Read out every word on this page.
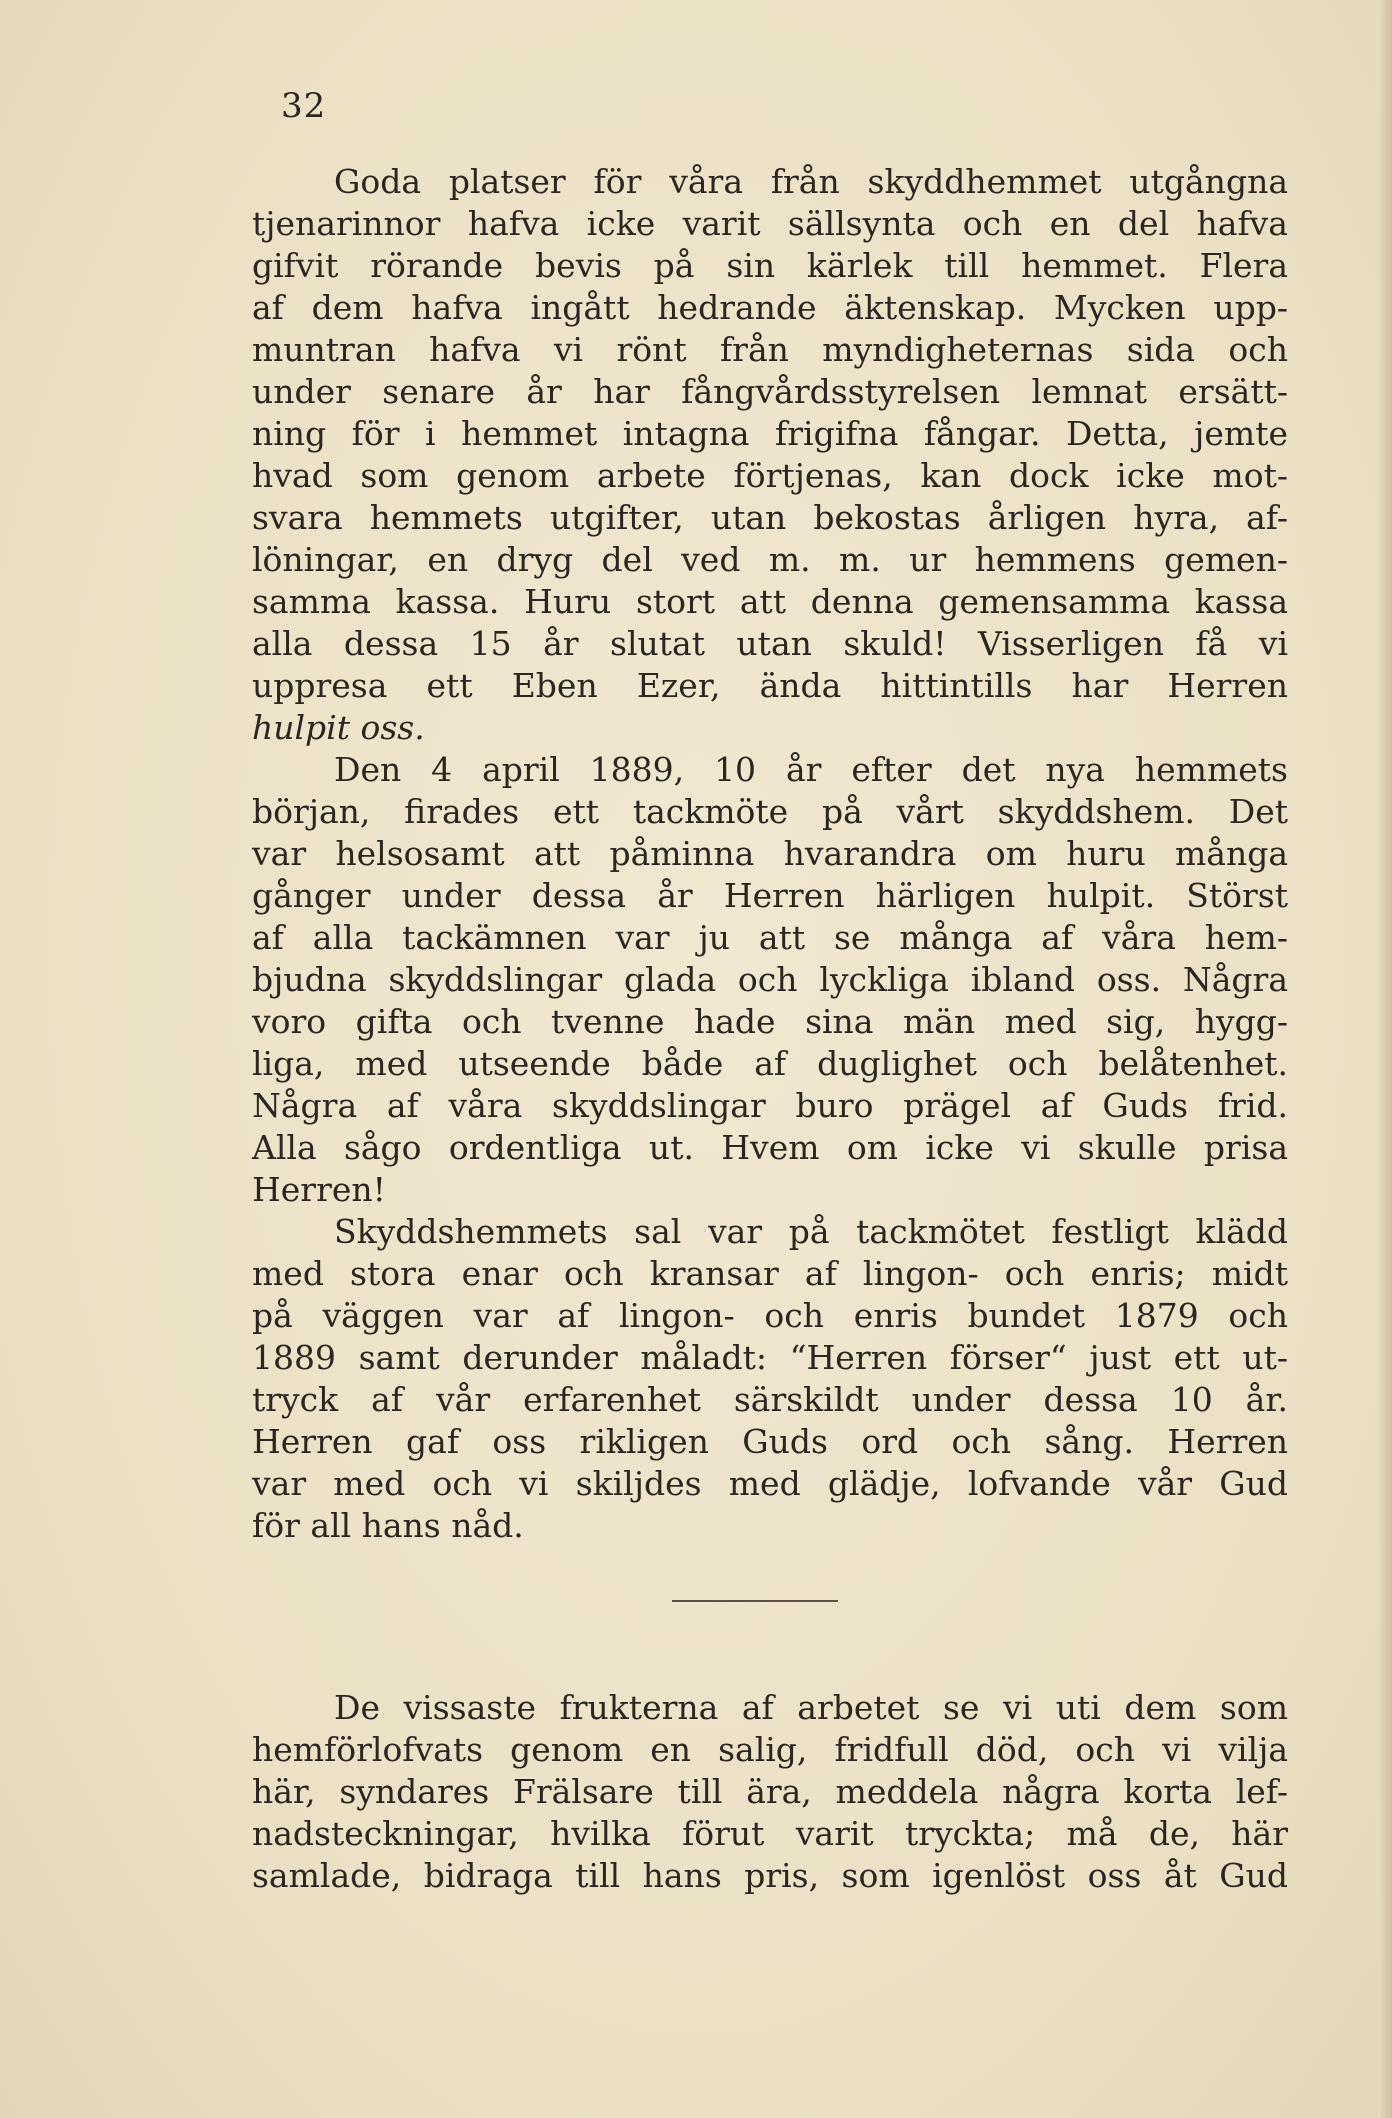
32
Goda platser för våra från skyddhemmet utgångna
tjenarinnor hafva icke varit sällsynta och en del hafva
gifvit rörande bevis på sin kärlek till hemmet. Flera
af dem hafva ingått hedrande äktenskap. Mycken upp-
muntran hafva vi rönt från myndigheternas sida och
under senare år har fångvårdsstyrelsen lemnat ersätt-
ning för i hemmet intagna frigifna fångar. Detta, jemte
hvad som genom arbete förtjenas, kan dock icke mot-
svara hemmets utgifter, utan bekostas årligen hyra, af-
löningar, en dryg del ved m. m. ur hemmens gemen-
samma kassa. Huru stort att denna gemensamma kassa
alla dessa 15 år slutat utan skuld! Visserligen få vi
uppresa ett Eben Ezer, ända hittintills har Herren
hulpit oss.
Den 4 april 1889, 10 år efter det nya hemmets
början, firades ett tackmöte på vårt skyddshem. Det
var helsosamt att påminna hvarandra om huru många
gånger under dessa år Herren härligen hulpit. Störst
af alla tackämnen var ju att se många af våra hem-
bjudna skyddslingar glada och lyckliga ibland oss. Några
voro gifta och tvenne hade sina män med sig, hygg-
liga, med utseende både af duglighet och belåtenhet.
Några af våra skyddslingar buro prägel af Guds frid.
Alla sågo ordentliga ut. Hvem om icke vi skulle prisa
Herren!
Skyddshemmets sal var på tackmötet festligt klädd
med stora enar och kransar af lingon- och enris; midt
på väggen var af lingon- och enris bundet 1879 och
1889 samt derunder måladt: “Herren förser“ just ett ut-
tryck af vår erfarenhet särskildt under dessa 10 år.
Herren gaf oss rikligen Guds ord och sång. Herren
var med och vi skiljdes med glädje, lofvande vår Gud
för all hans nåd.
De vissaste frukterna af arbetet se vi uti dem som
hemförlofvats genom en salig, fridfull död, och vi vilja
här, syndares Frälsare till ära, meddela några korta lef-
nadsteckningar, hvilka förut varit tryckta; må de, här
samlade, bidraga till hans pris, som igenlöst oss åt Gud
